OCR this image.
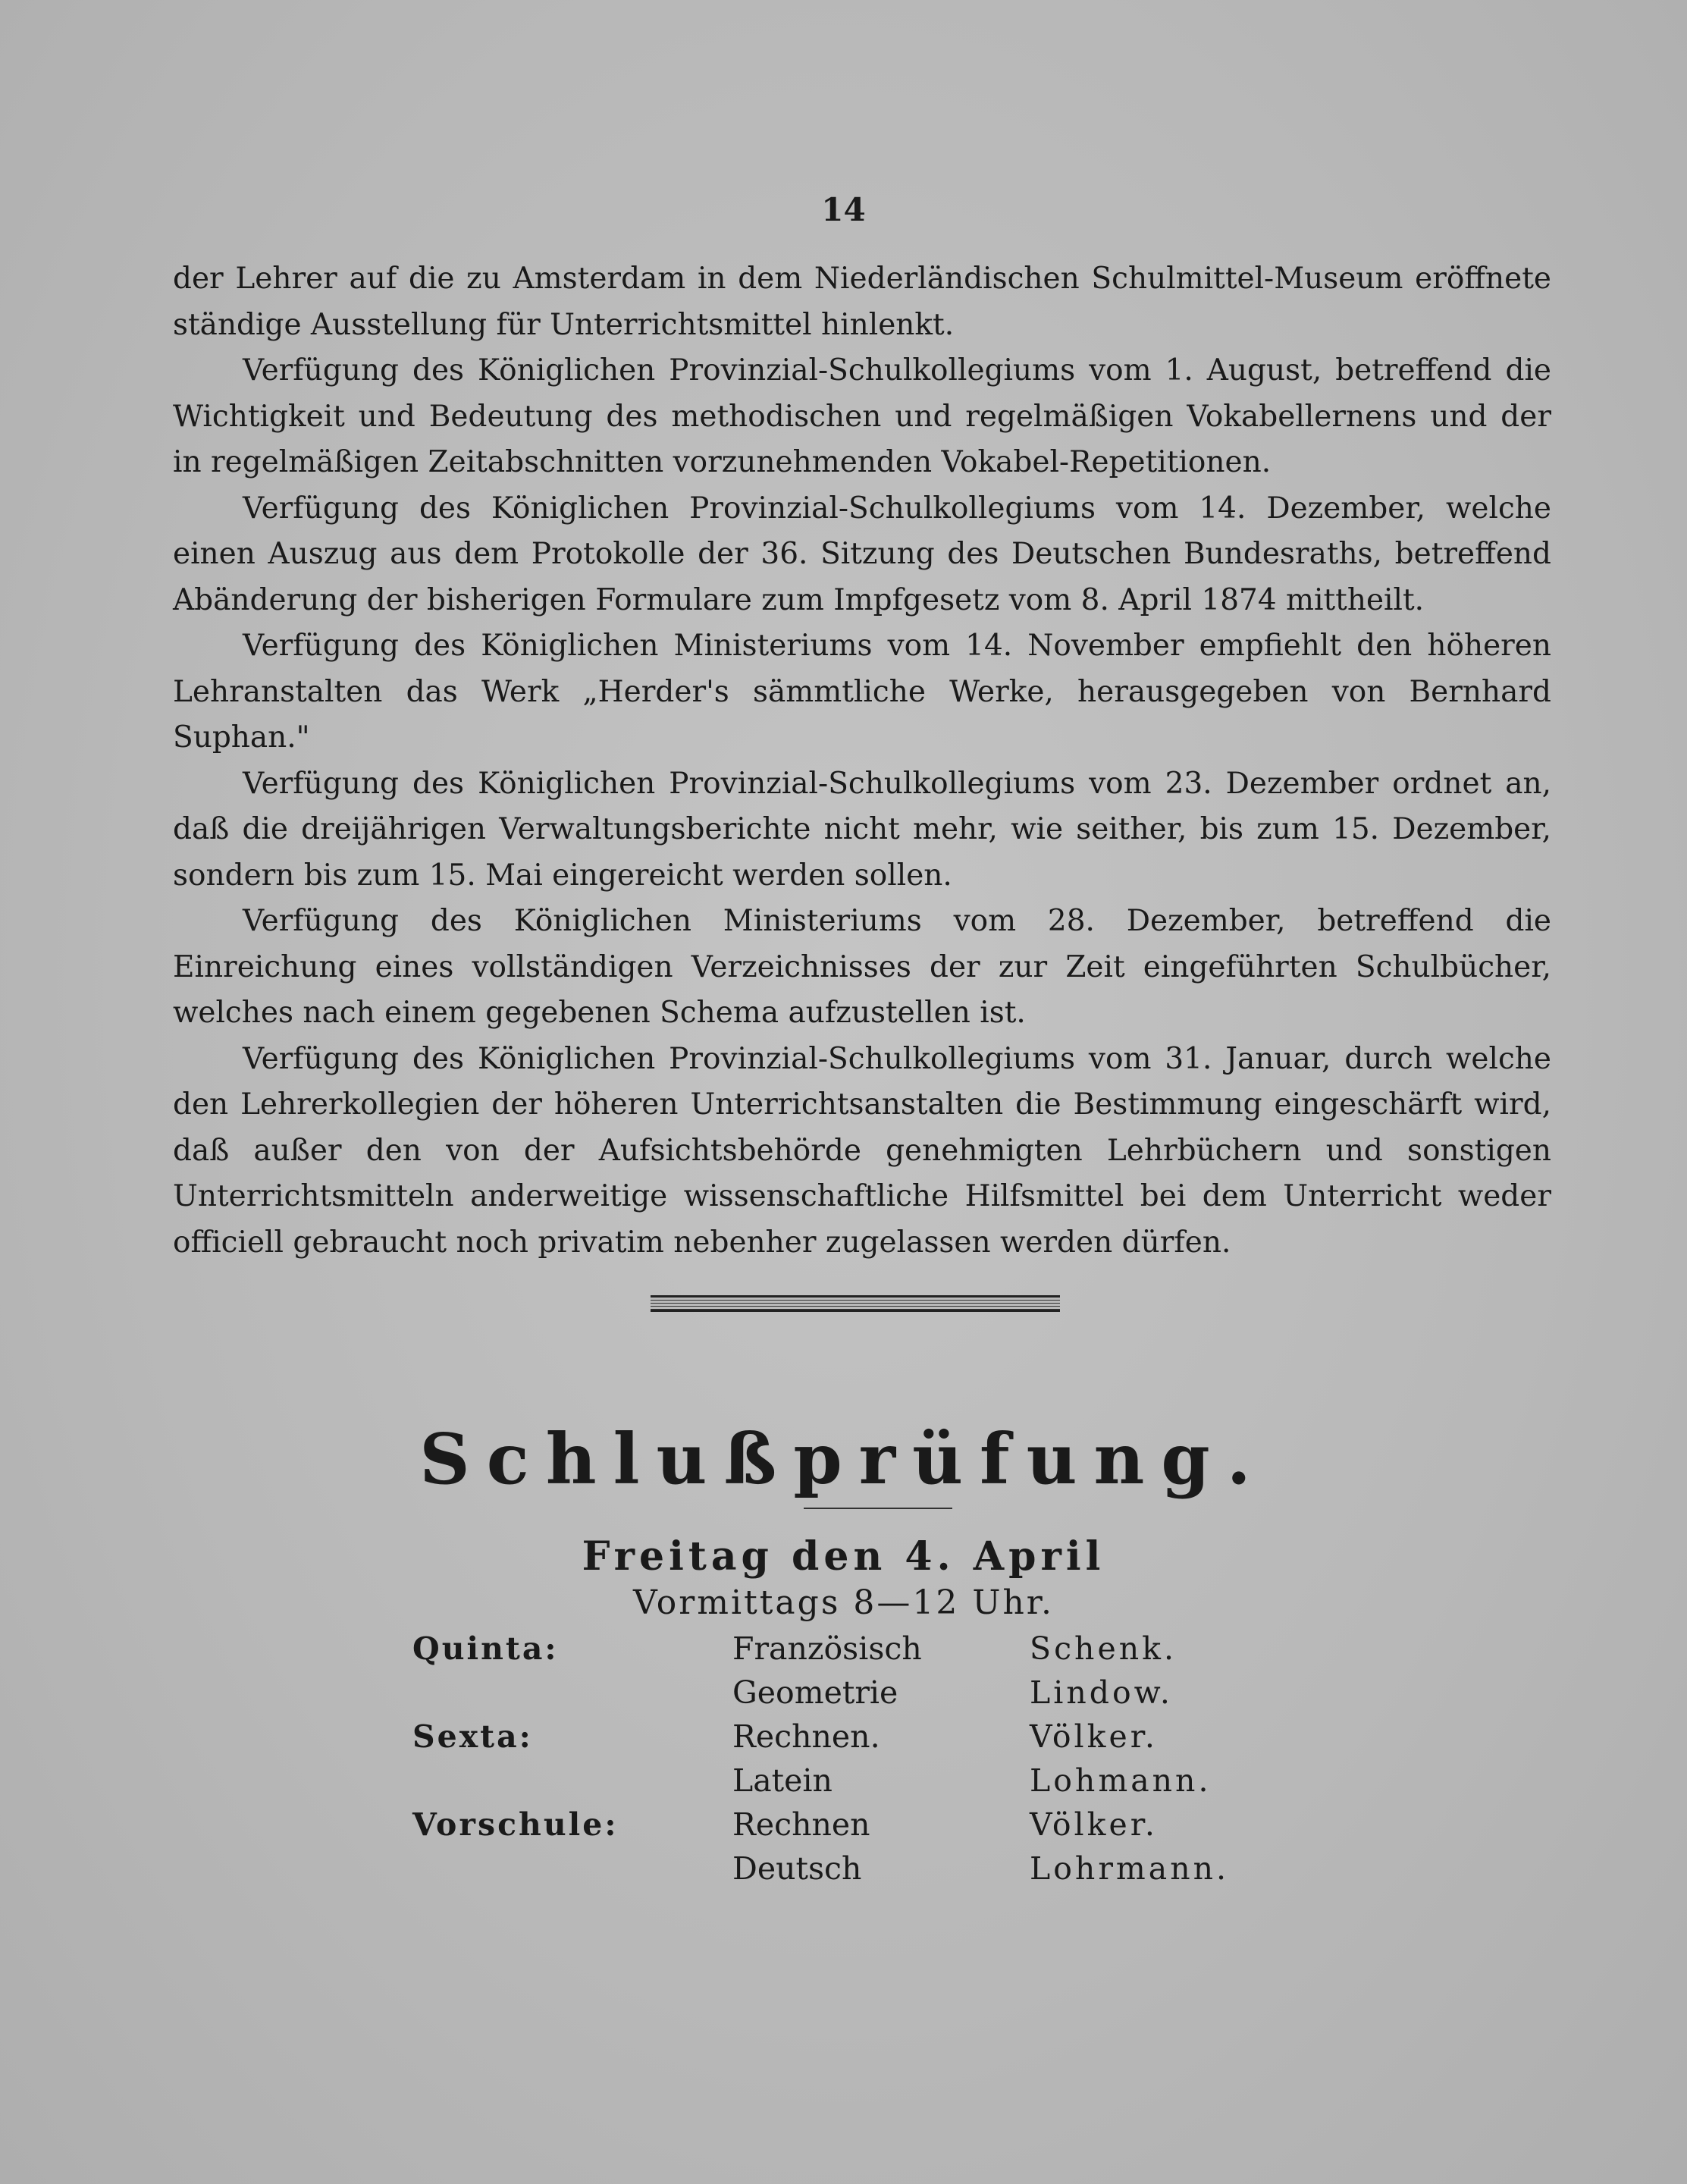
14

der Lehrer auf die zu Amsterdam in dem Niederländischen Schulmittel-Museum eröffnete ständige Ausstellung für Unterrichtsmittel hinlenkt.

Verfügung des Königlichen Provinzial-Schulkollegiums vom 1. August, betreffend die Wichtigkeit und Bedeutung des methodischen und regelmäßigen Vokabellernens und der in regelmäßigen Zeitabschnitten vorzunehmenden Vokabel-Repetitionen.

Verfügung des Königlichen Provinzial-Schulkollegiums vom 14. Dezember, welche einen Auszug aus dem Protokolle der 36. Sitzung des Deutschen Bundesraths, betreffend Abänderung der bisherigen Formulare zum Impfgesetz vom 8. April 1874 mittheilt.

Verfügung des Königlichen Ministeriums vom 14. November empfiehlt den höheren Lehranstalten das Werk „Herder's sämmtliche Werke, herausgegeben von Bernhard Suphan."

Verfügung des Königlichen Provinzial-Schulkollegiums vom 23. Dezember ordnet an, daß die dreijährigen Verwaltungsberichte nicht mehr, wie seither, bis zum 15. Dezember, sondern bis zum 15. Mai eingereicht werden sollen.

Verfügung des Königlichen Ministeriums vom 28. Dezember, betreffend die Einreichung eines vollständigen Verzeichnisses der zur Zeit eingeführten Schulbücher, welches nach einem gegebenen Schema aufzustellen ist.

Verfügung des Königlichen Provinzial-Schulkollegiums vom 31. Januar, durch welche den Lehrerkollegien der höheren Unterrichtsanstalten die Bestimmung eingeschärft wird, daß außer den von der Aufsichtsbehörde genehmigten Lehrbüchern und sonstigen Unterrichtsmitteln anderweitige wissenschaftliche Hilfsmittel bei dem Unterricht weder officiell gebraucht noch privatim nebenher zugelassen werden dürfen.

Schlußprüfung.
Freitag den 4. April
Vormittags 8—12 Uhr.
Quinta:	Französisch	Schenk.
Geometrie	Lindow.
Sexta:	Rechnen.	Völker.
Latein	Lohmann.
Vorschule:	Rechnen	Völker.
Deutsch	Lohrmann.
